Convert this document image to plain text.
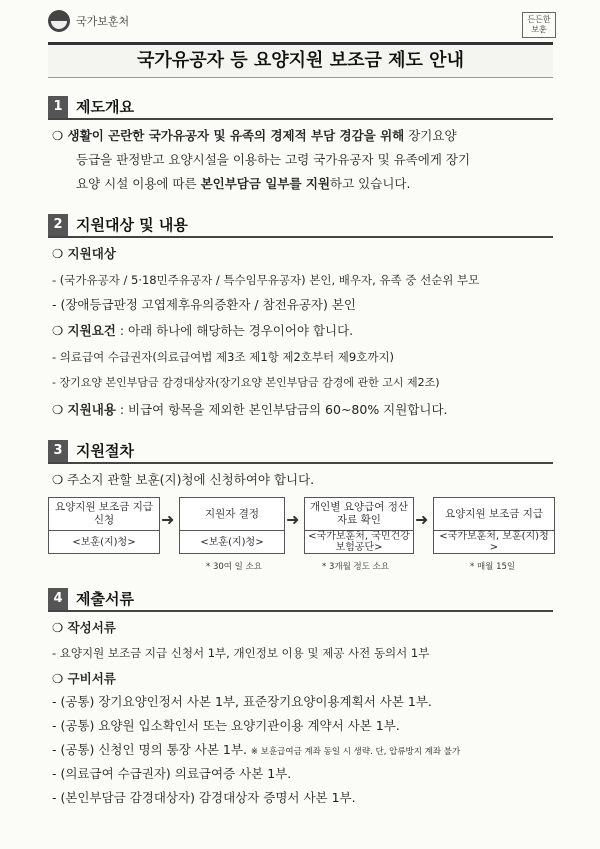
국가보훈처	든든한 보훈
국가유공자 등 요양지원 보조금 제도 안내
1 제도개요
❍ 생활이 곤란한 국가유공자 및 유족의 경제적 부담 경감을 위해 장기요양
등급을 판정받고 요양시설을 이용하는 고령 국가유공자 및 유족에게 장기
요양 시설 이용에 따른 본인부담금 일부를 지원하고 있습니다.
2 지원대상 및 내용
❍ 지원대상
- (국가유공자 / 5·18민주유공자 / 특수임무유공자) 본인, 배우자, 유족 중 선순위 부모
- (장애등급판정 고엽제후유의증환자 / 참전유공자) 본인
❍ 지원요건 : 아래 하나에 해당하는 경우이어야 합니다.
- 의료급여 수급권자(의료급여법 제3조 제1항 제2호부터 제9호까지)
- 장기요양 본인부담금 감경대상자(장기요양 본인부담금 감경에 관한 고시 제2조)
❍ 지원내용 : 비급여 항목을 제외한 본인부담금의 60~80% 지원합니다.
3 지원절차
❍ 주소지 관할 보훈(지)청에 신청하여야 합니다.
요양지원 보조금 지급 신청
<보훈(지)청>
➜	지원자 결정
<보훈(지)청>
➜
개인별 요양급여 정산자료 확인
<국가보훈처, 국민건강보험공단>
➜	요양지원 보조금 지급
<국가보훈처, 보훈(지)청>
* 30여 일 소요	* 3개월 정도 소요	* 매월 15일
4 제출서류
❍ 작성서류
- 요양지원 보조금 지급 신청서 1부, 개인정보 이용 및 제공 사전 동의서 1부
❍ 구비서류
- (공통) 장기요양인정서 사본 1부, 표준장기요양이용계획서 사본 1부.
- (공통) 요양원 입소확인서 또는 요양기관이용 계약서 사본 1부.
- (공통) 신청인 명의 통장 사본 1부. ※ 보훈급여금 계좌 동일 시 생략. 단, 압류방지 계좌 불가
- (의료급여 수급권자) 의료급여증 사본 1부.
- (본인부담금 감경대상자) 감경대상자 증명서 사본 1부.
